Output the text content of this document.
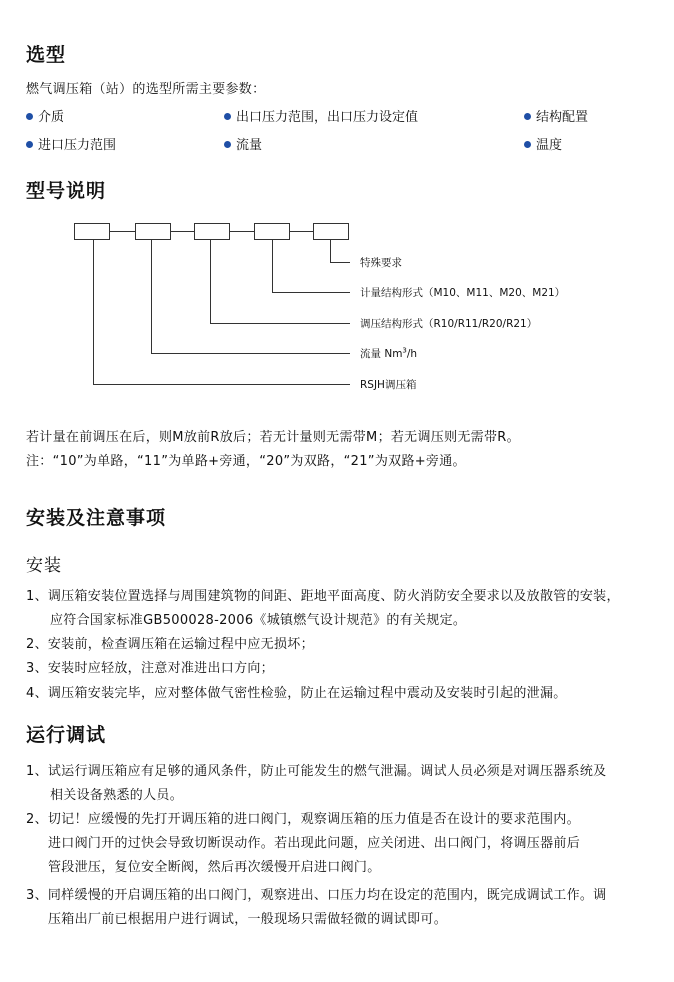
选型
燃气调压箱（站）的选型所需主要参数：
介质	出口压力范围，出口压力设定值	结构配置
进口压力范围	流量	温度
型号说明
特殊要求
计量结构形式（M10、M11、M20、M21）
调压结构形式（R10/R11/R20/R21）
流量 Nm$^3$/h
RSJH调压箱
若计量在前调压在后，则M放前R放后；若无计量则无需带M；若无调压则无需带R。
注：“10”为单路，“11”为单路+旁通，“20”为双路，“21”为双路+旁通。
安装及注意事项
安装
1、调压箱安装位置选择与周围建筑物的间距、距地平面高度、防火消防安全要求以及放散管的安装，
应符合国家标准GB500028-2006《城镇燃气设计规范》的有关规定。
2、安装前，检查调压箱在运输过程中应无损坏；
3、安装时应轻放，注意对准进出口方向；
4、调压箱安装完毕，应对整体做气密性检验，防止在运输过程中震动及安装时引起的泄漏。
运行调试
1、试运行调压箱应有足够的通风条件，防止可能发生的燃气泄漏。调试人员必须是对调压器系统及
相关设备熟悉的人员。
2、切记！应缓慢的先打开调压箱的进口阀门，观察调压箱的压力值是否在设计的要求范围内。
进口阀门开的过快会导致切断误动作。若出现此问题，应关闭进、出口阀门，将调压器前后
管段泄压，复位安全断阀，然后再次缓慢开启进口阀门。
3、同样缓慢的开启调压箱的出口阀门，观察进出、口压力均在设定的范围内，既完成调试工作。调
压箱出厂前已根据用户进行调试，一般现场只需做轻微的调试即可。
